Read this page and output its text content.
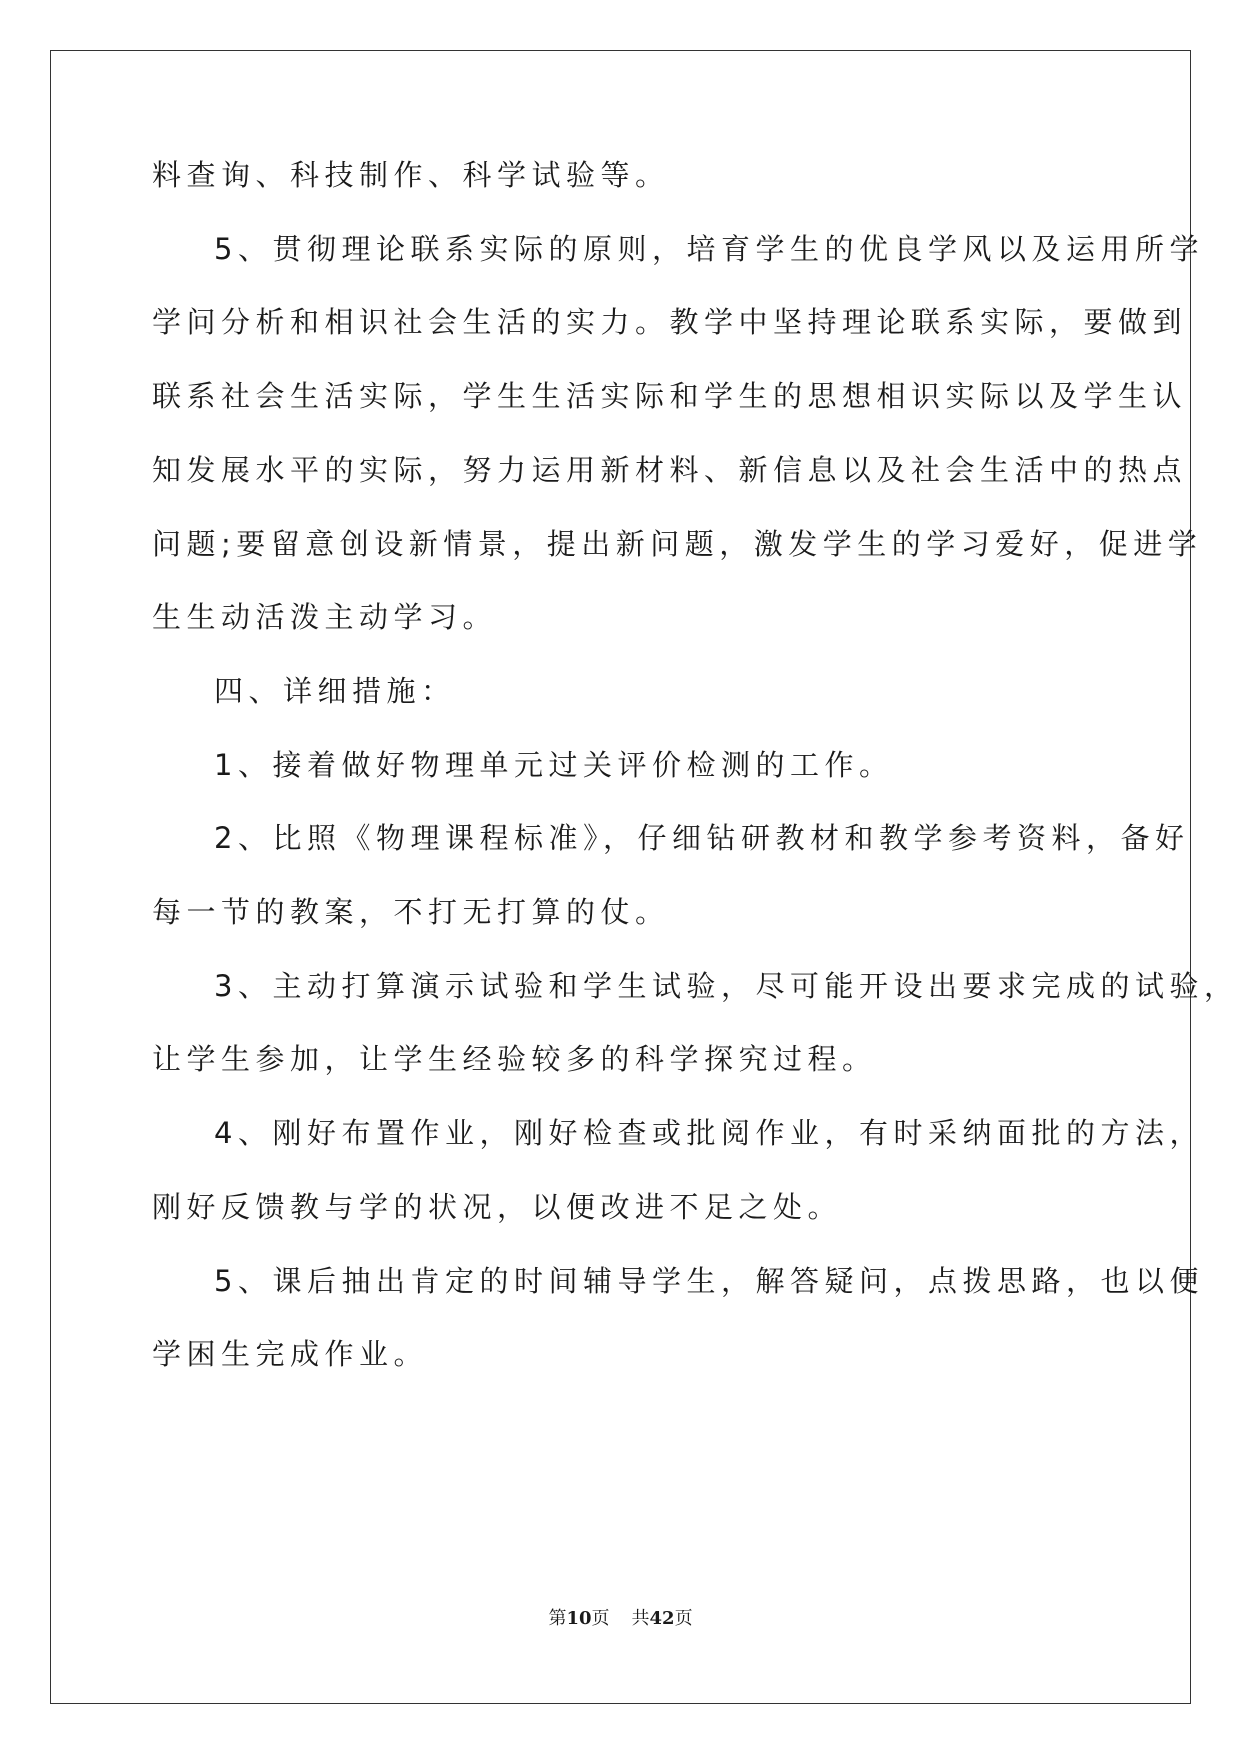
料查询、科技制作、科学试验等。
5、贯彻理论联系实际的原则，培育学生的优良学风以及运用所学
学问分析和相识社会生活的实力。教学中坚持理论联系实际，要做到
联系社会生活实际，学生生活实际和学生的思想相识实际以及学生认
知发展水平的实际，努力运用新材料、新信息以及社会生活中的热点
问题;要留意创设新情景，提出新问题，激发学生的学习爱好，促进学
生生动活泼主动学习。
四、详细措施：
1、接着做好物理单元过关评价检测的工作。
2、比照《物理课程标准》，仔细钻研教材和教学参考资料，备好
每一节的教案，不打无打算的仗。
3、主动打算演示试验和学生试验，尽可能开设出要求完成的试验，
让学生参加，让学生经验较多的科学探究过程。
4、刚好布置作业，刚好检查或批阅作业，有时采纳面批的方法，
刚好反馈教与学的状况，以便改进不足之处。
5、课后抽出肯定的时间辅导学生，解答疑问，点拨思路，也以便
学困生完成作业。
第10页 共42页
